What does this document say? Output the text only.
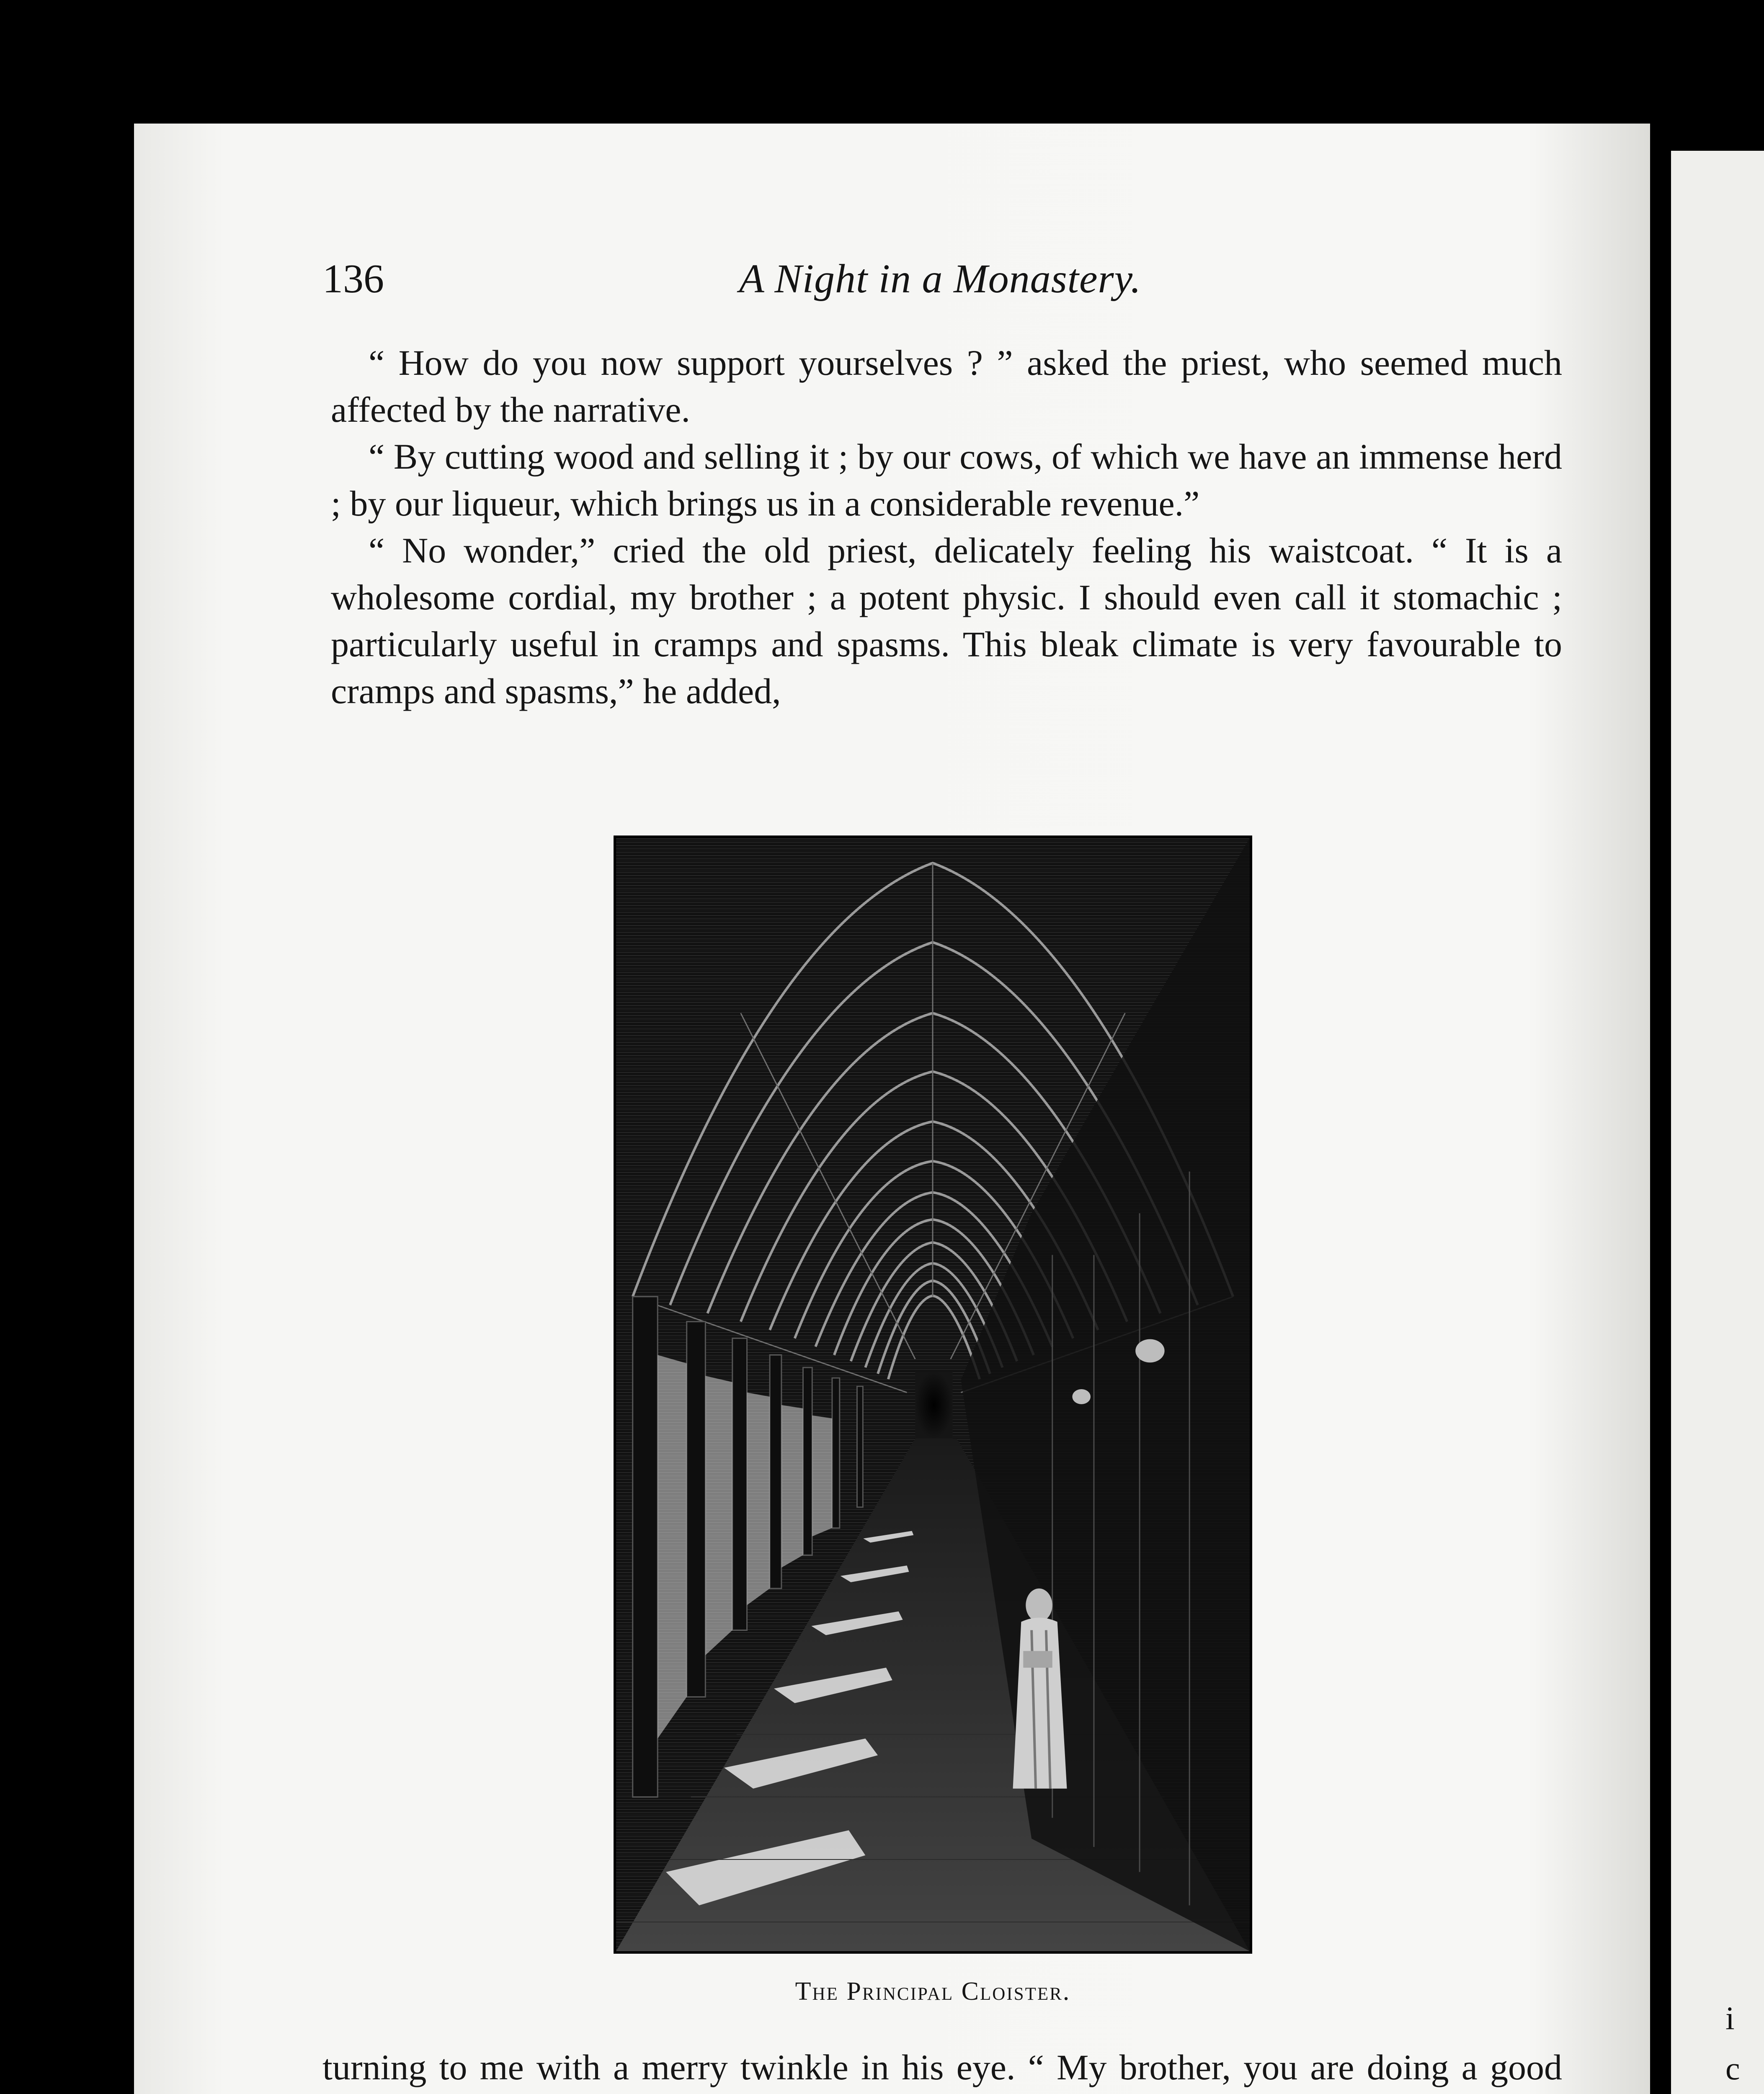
i
c
136	A Night in a Monastery.

“ How do you now support yourselves ? ” asked the priest, who seemed much affected by the narrative.

“ By cutting wood and selling it ; by our cows, of which we have an immense herd ; by our liqueur, which brings us in a considerable revenue.”

“ No wonder,” cried the old priest, delicately feeling his waistcoat. “ It is a wholesome cordial, my brother ; a potent physic. I should even call it stomachic ; particularly useful in cramps and spasms. This bleak climate is very favourable to cramps and spasms,” he added,

The Principal Cloister.

turning to me with a merry twinkle in his eye. “ My brother, you are doing a good
